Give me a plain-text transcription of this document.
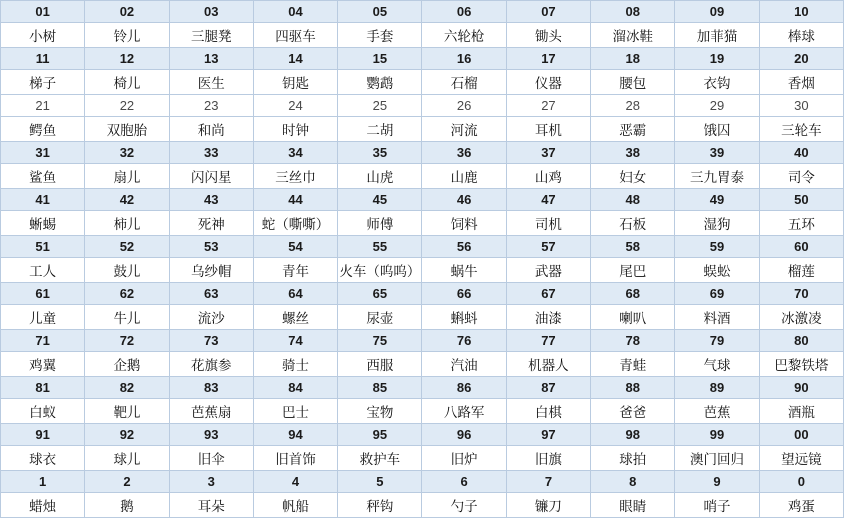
01	02	03	04	05	06	07	08	09	10
小树	铃儿	三腿凳	四驱车	手套	六轮枪	锄头	溜冰鞋	加菲猫	棒球
11	12	13	14	15	16	17	18	19	20
梯子	椅儿	医生	钥匙	鹦鹉	石榴	仪器	腰包	衣钩	香烟
21	22	23	24	25	26	27	28	29	30
鳄鱼	双胞胎	和尚	时钟	二胡	河流	耳机	恶霸	饿囚	三轮车
31	32	33	34	35	36	37	38	39	40
鲨鱼	扇儿	闪闪星	三丝巾	山虎	山鹿	山鸡	妇女	三九胃泰	司令
41	42	43	44	45	46	47	48	49	50
蜥蜴	柿儿	死神	蛇（嘶嘶）	师傅	饲料	司机	石板	湿狗	五环
51	52	53	54	55	56	57	58	59	60
工人	鼓儿	乌纱帽	青年	火车（呜呜）	蜗牛	武器	尾巴	蜈蚣	榴莲
61	62	63	64	65	66	67	68	69	70
儿童	牛儿	流沙	螺丝	尿壶	蝌蚪	油漆	喇叭	料酒	冰激凌
71	72	73	74	75	76	77	78	79	80
鸡翼	企鹅	花旗参	骑士	西服	汽油	机器人	青蛙	气球	巴黎铁塔
81	82	83	84	85	86	87	88	89	90
白蚁	靶儿	芭蕉扇	巴士	宝物	八路军	白棋	爸爸	芭蕉	酒瓶
91	92	93	94	95	96	97	98	99	00
球衣	球儿	旧伞	旧首饰	救护车	旧炉	旧旗	球拍	澳门回归	望远镜
1	2	3	4	5	6	7	8	9	0
蜡烛	鹅	耳朵	帆船	秤钩	勺子	镰刀	眼睛	哨子	鸡蛋
